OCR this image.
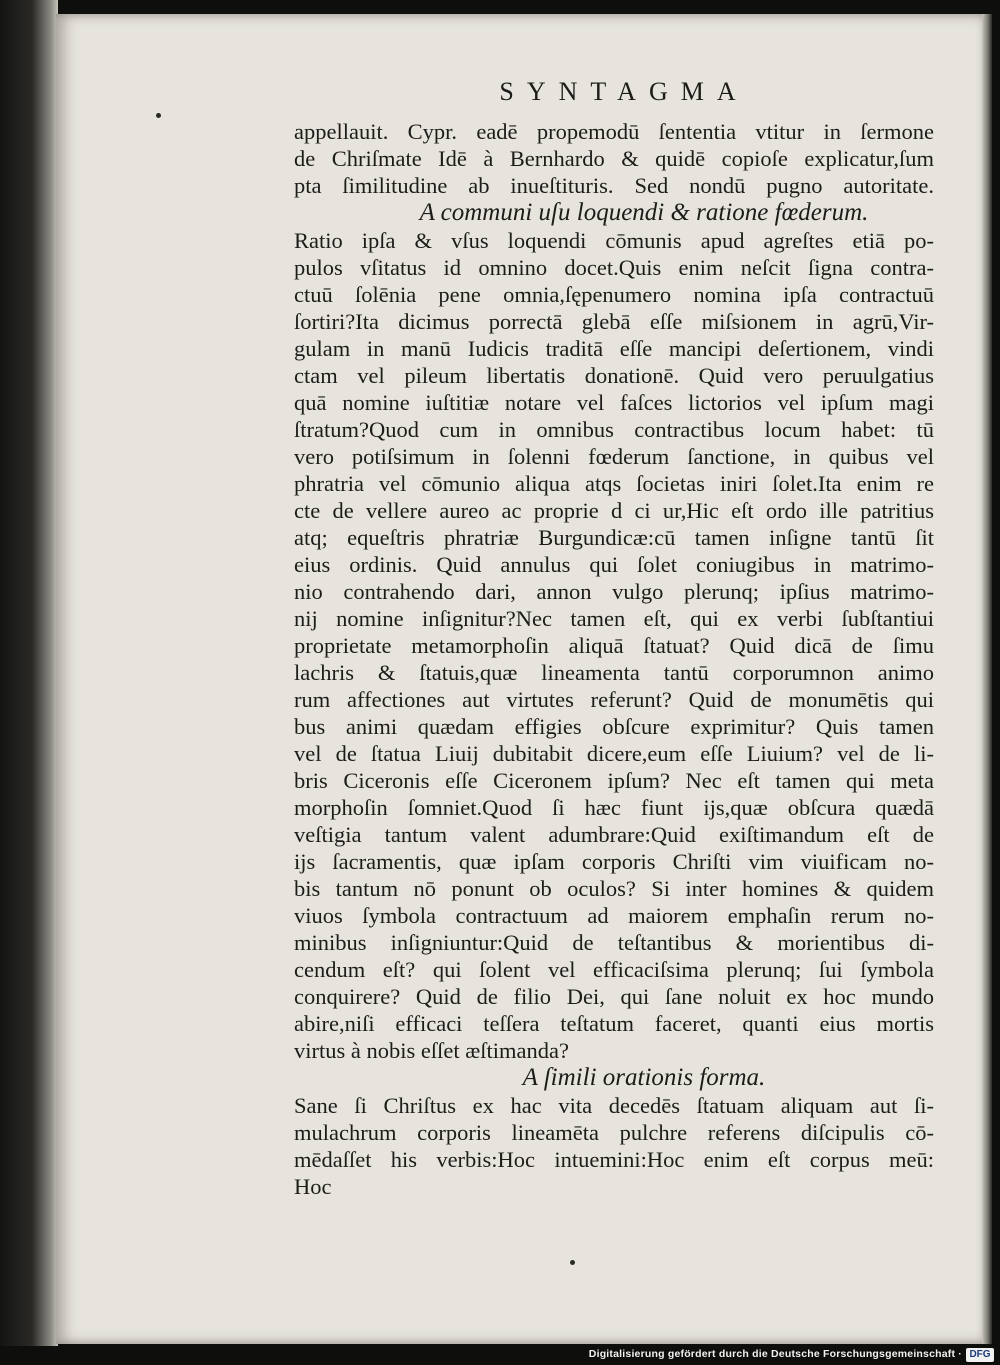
SYNTAGMA
appellauit. Cypr. eadē propemodū ſententia vtitur in ſermone
de Chriſmate Idē à Bernhardo & quidē copioſe explicatur,ſum
pta ſimilitudine ab inueſtituris. Sed nondū pugno autoritate.
A communi uſu loquendi & ratione fœderum.
Ratio ipſa & vſus loquendi cōmunis apud agreſtes etiā po-
pulos vſitatus id omnino docet.Quis enim neſcit ſigna contra-
ctuū ſolēnia pene omnia,ſępenumero nomina ipſa contractuū
ſortiri?Ita dicimus porrectā glebā eſſe miſsionem in agrū,Vir-
gulam in manū Iudicis traditā eſſe mancipi deſertionem, vindi
ctam vel pileum libertatis donationē. Quid vero peruulgatius
quā nomine iuſtitiæ notare vel faſces lictorios vel ipſum magi
ſtratum?Quod cum in omnibus contractibus locum habet: tū
vero potiſsimum in ſolenni fœderum ſanctione, in quibus vel
phratria vel cōmunio aliqua atqs ſocietas iniri ſolet.Ita enim re
cte de vellere aureo ac proprie d ci ur,Hic eſt ordo ille patritius
atq; equeſtris phratriæ Burgundicæ:cū tamen inſigne tantū ſit
eius ordinis. Quid annulus qui ſolet coniugibus in matrimo-
nio contrahendo dari, annon vulgo plerunq; ipſius matrimo-
nij nomine inſignitur?Nec tamen eſt, qui ex verbi ſubſtantiui
proprietate metamorphoſin aliquā ſtatuat? Quid dicā de ſimu
lachris & ſtatuis,quæ lineamenta tantū corporumnon animo
rum affectiones aut virtutes referunt? Quid de monumētis qui
bus animi quædam effigies obſcure exprimitur? Quis tamen
vel de ſtatua Liuij dubitabit dicere,eum eſſe Liuium? vel de li-
bris Ciceronis eſſe Ciceronem ipſum? Nec eſt tamen qui meta
morphoſin ſomniet.Quod ſi hæc fiunt ijs,quæ obſcura quædā
veſtigia tantum valent adumbrare:Quid exiſtimandum eſt de
ijs ſacramentis, quæ ipſam corporis Chriſti vim viuificam no-
bis tantum nō ponunt ob oculos? Si inter homines & quidem
viuos ſymbola contractuum ad maiorem emphaſin rerum no-
minibus inſigniuntur:Quid de teſtantibus & morientibus di-
cendum eſt? qui ſolent vel efficaciſsima plerunq; ſui ſymbola
conquirere? Quid de filio Dei, qui ſane noluit ex hoc mundo
abire,niſi efficaci teſſera teſtatum faceret, quanti eius mortis
virtus à nobis eſſet æſtimanda?
A ſimili orationis forma.
Sane ſi Chriſtus ex hac vita decedēs ſtatuam aliquam aut ſi-
mulachrum corporis lineamēta pulchre referens diſcipulis cō-
mēdaſſet his verbis:Hoc intuemini:Hoc enim eſt corpus meū:
Hoc
Digitalisierung gefördert durch die Deutsche Forschungsgemeinschaft · DFG
